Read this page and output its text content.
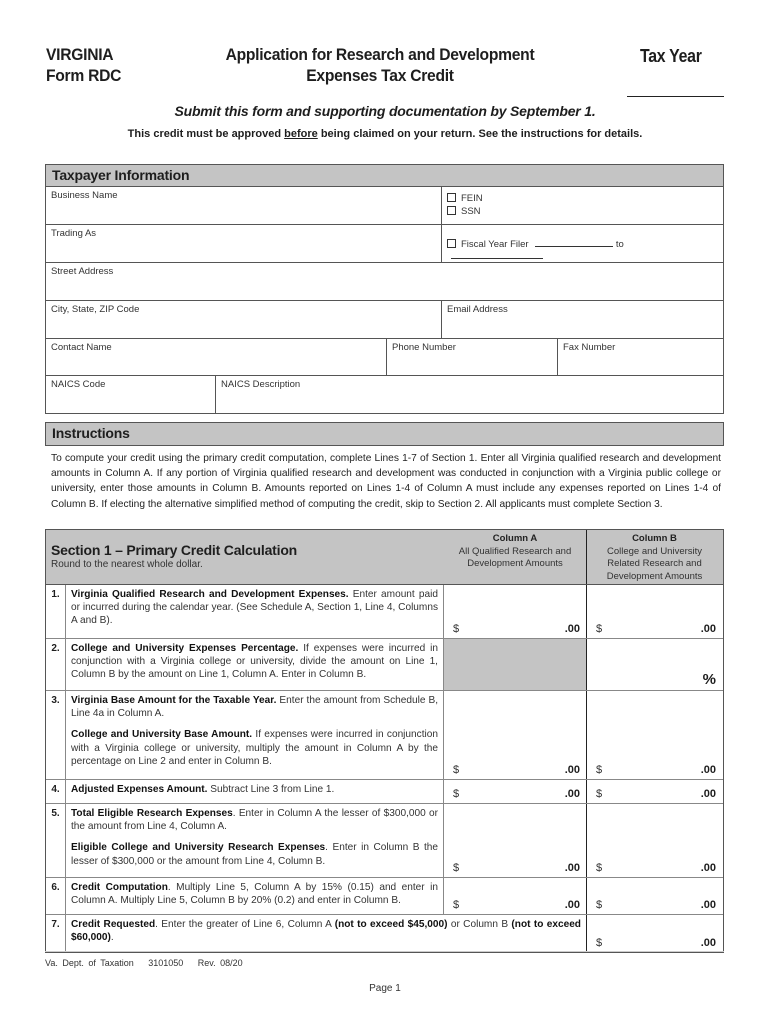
VIRGINIA
Form RDC
Application for Research and Development
Expenses Tax Credit
Tax Year
Submit this form and supporting documentation by September 1.
This credit must be approved before being claimed on your return. See the instructions for details.
Taxpayer Information
Business Name	FEIN
SSN
Trading As
Fiscal Year Filer	to
Street Address
City, State, ZIP Code	Email Address
Contact Name	Phone Number	Fax Number
NAICS Code	NAICS Description
Instructions
To compute your credit using the primary credit computation, complete Lines 1-7 of Section 1. Enter all Virginia qualified research and development amounts in Column A. If any portion of Virginia qualified research and development was conducted in conjunction with a Virginia public college or university, enter those amounts in Column B. Amounts reported on Lines 1-4 of Column A must include any expenses reported on Lines 1-4 of Column B. If electing the alternative simplified method of computing the credit, skip to Section 2. All applicants must complete Section 3.
Section 1 – Primary Credit Calculation
Round to the nearest whole dollar.
Column A
All Qualified Research and Development Amounts
Column B
College and University Related Research and Development Amounts
1.	Virginia Qualified Research and Development Expenses. Enter amount paid or incurred during the calendar year. (See Schedule A, Section 1, Line 4, Columns A and B).
$	.00 $	.00
2.	College and University Expenses Percentage. If expenses were incurred in conjunction with a Virginia college or university, divide the amount on Line 1, Column B by the amount on Line 1, Column A. Enter in Column B.	%
3.	Virginia Base Amount for the Taxable Year. Enter the amount from Schedule B, Line 4a in Column A.
College and University Base Amount. If expenses were incurred in conjunction with a Virginia college or university, multiply the amount in Column A by the percentage on Line 2 and enter in Column B.
$	.00 $	.00
4.	Adjusted Expenses Amount. Subtract Line 3 from Line 1.	$	.00 $	.00
5.	Total Eligible Research Expenses. Enter in Column A the lesser of $300,000 or the amount from Line 4, Column A.
Eligible College and University Research Expenses. Enter in Column B the lesser of $300,000 or the amount from Line 4, Column B.
$	.00 $	.00
6.	Credit Computation. Multiply Line 5, Column A by 15% (0.15) and enter in Column A. Multiply Line 5, Column B by 20% (0.2) and enter in Column B.	$	.00 $	.00
7.	Credit Requested. Enter the greater of Line 6, Column A (not to exceed $45,000) or Column B (not to exceed $60,000).	$	.00
Va. Dept. of Taxation 3101050 Rev. 08/20
Page 1
